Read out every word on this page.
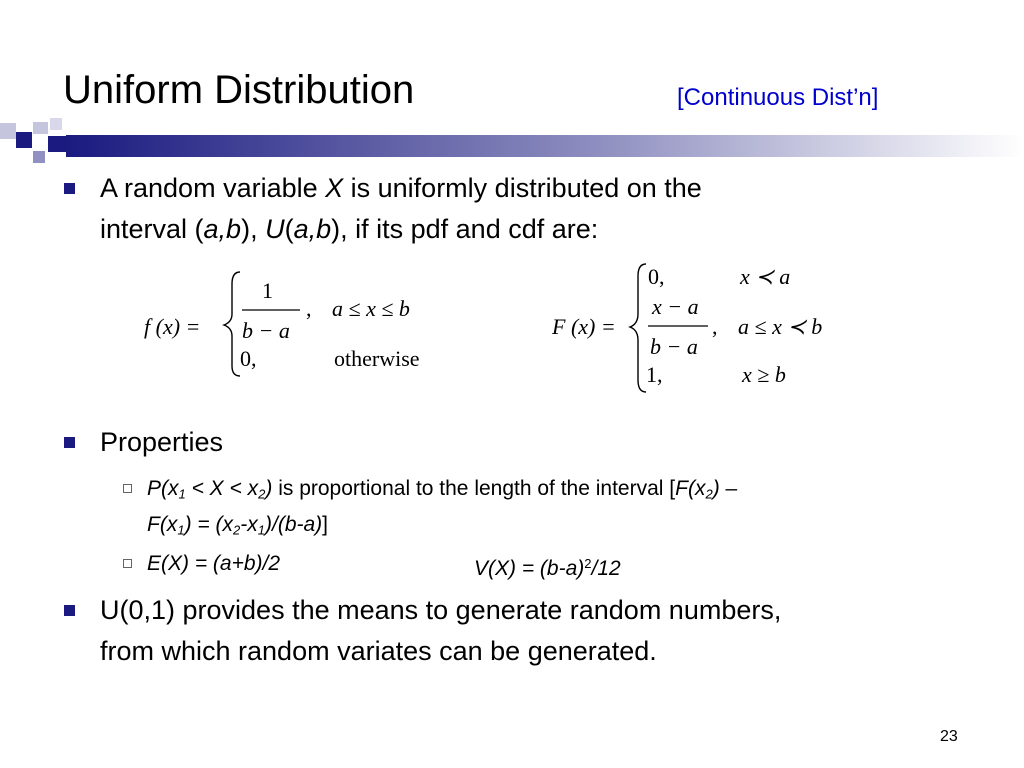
Uniform Distribution	[Continuous Dist’n]
A random variable X is uniformly distributed on the
interval (a,b), U(a,b), if its pdf and cdf are:
f (x) =
1
b − a
, a ≤ x ≤ b
0,	otherwise
F (x) =
0,	x ≺ a
x − a
b − a
, a ≤ x ≺ b
1,	x ≥ b
Properties
$P(x_1 < X < x_2)$ is proportional to the length of the interval [$F(x_2)$ –
$F(x_1) = (x_2-x_1)/(b-a)$]
E(X) = (a+b)/2	$V(X) = (b-a)^2/12$
U(0,1) provides the means to generate random numbers,
from which random variates can be generated.
23
